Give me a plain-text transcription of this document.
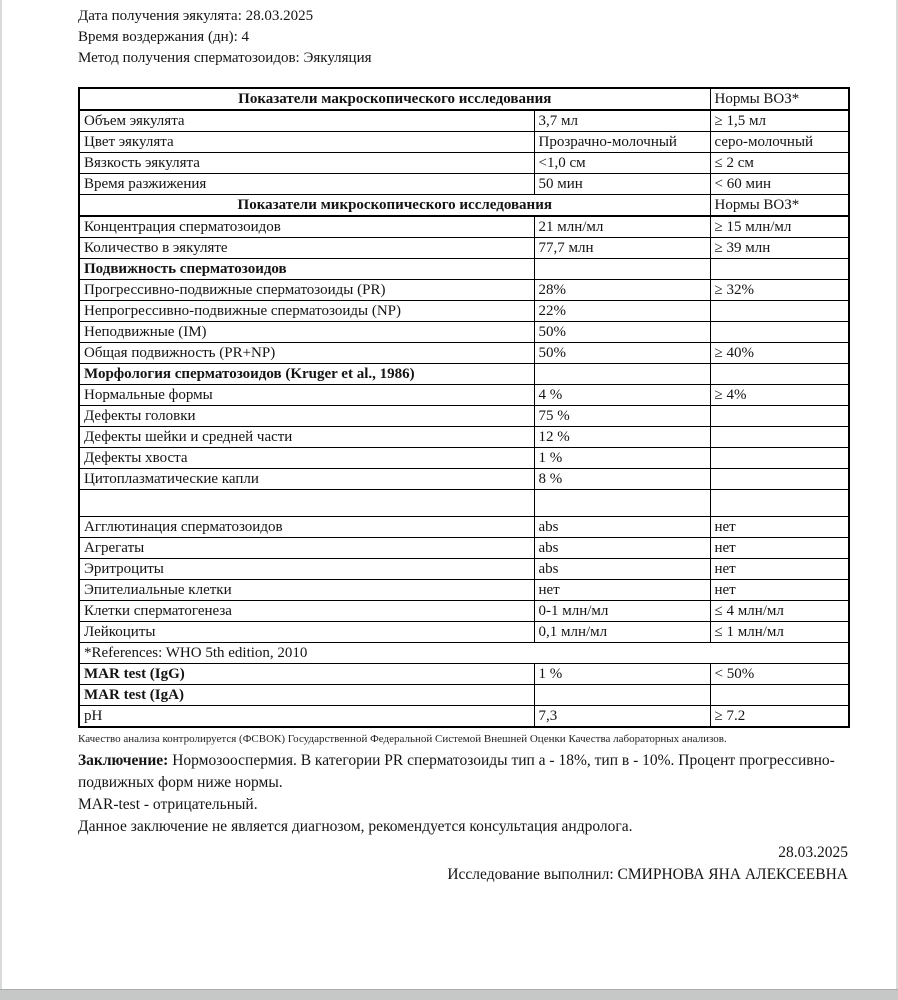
Дата получения эякулята: 28.03.2025
Время воздержания (дн): 4
Метод получения сперматозоидов: Эякуляция
Показатели макроскопического исследования		Нормы ВОЗ*
Объем эякулята	3,7 мл	≥ 1,5 мл
Цвет эякулята	Прозрачно-молочный	серо-молочный
Вязкость эякулята	<1,0 см	≤ 2 см
Время разжижения	50 мин	< 60 мин
Показатели микроскопического исследования		Нормы ВОЗ*
Концентрация сперматозоидов	21 млн/мл	≥ 15 млн/мл
Количество в эякуляте	77,7 млн	≥ 39 млн
Подвижность сперматозоидов		
Прогрессивно-подвижные сперматозоиды (PR)	28%	≥ 32%
Непрогрессивно-подвижные сперматозоиды (NP)	22%	
Неподвижные (IM)	50%	
Общая подвижность (PR+NP)	50%	≥ 40%
Морфология сперматозоидов (Kruger et al., 1986)		
Нормальные формы	4 %	≥ 4%
Дефекты головки	75 %	
Дефекты шейки и средней части	12 %	
Дефекты хвоста	1 %	
Цитоплазматические капли	8 %	

Агглютинация сперматозоидов	abs	нет
Агрегаты	abs	нет
Эритроциты	abs	нет
Эпителиальные клетки	нет	нет
Клетки сперматогенеза	0-1 млн/мл	≤ 4 млн/мл
Лейкоциты	0,1 млн/мл	≤ 1 млн/мл
*References: WHO 5th edition, 2010		
MAR test (IgG)	1 %	< 50%
MAR test (IgA)		
pH	7,3	≥ 7.2
Качество анализа контролируется (ФСВОК) Государственной Федеральной Системой Внешней Оценки Качества лабораторных анализов.
Заключение: Нормозооспермия. В категории PR сперматозоиды тип а - 18%, тип в - 10%. Процент прогрессивно-подвижных форм ниже нормы.
MAR-test - отрицательный.
Данное заключение не является диагнозом, рекомендуется консультация андролога.
28.03.2025
Исследование выполнил: СМИРНОВА ЯНА АЛЕКСЕЕВНА
